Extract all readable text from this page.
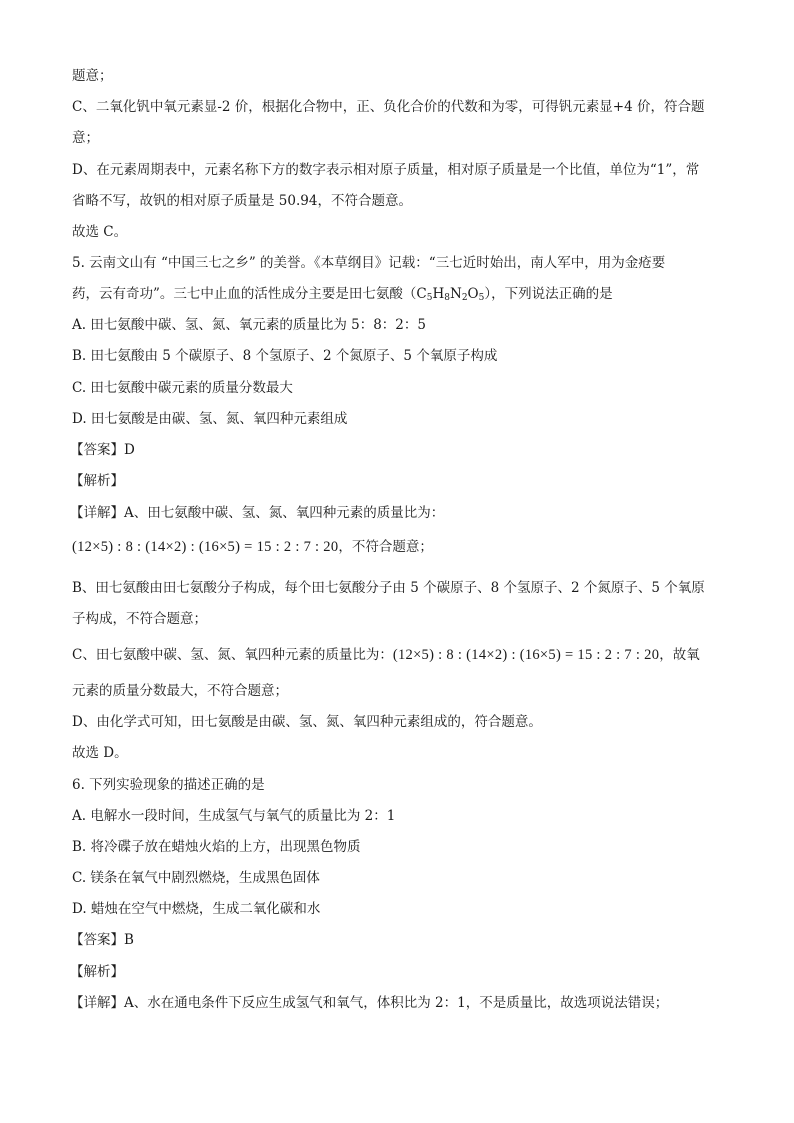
题意；
C、二氧化钒中氧元素显-2 价，根据化合物中，正、负化合价的代数和为零，可得钒元素显+4 价，符合题
意；
D、在元素周期表中，元素名称下方的数字表示相对原子质量，相对原子质量是一个比值，单位为“1”，常
省略不写，故钒的相对原子质量是 50.94，不符合题意。
故选 C。
5. 云南文山有 “中国三七之乡” 的美誉。《本草纲目》记载：“三七近时始出，南人军中，用为金疮要
药，云有奇功”。三七中止血的活性成分主要是田七氨酸$(C_5H_8N_2O_5)$，下列说法正确的是
A. 田七氨酸中碳、氢、氮、氧元素的质量比为 5：8：2：5
B. 田七氨酸由 5 个碳原子、8 个氢原子、2 个氮原子、5 个氧原子构成
C. 田七氨酸中碳元素的质量分数最大
D. 田七氨酸是由碳、氢、氮、氧四种元素组成
【答案】D
【解析】
【详解】A、田七氨酸中碳、氢、氮、氧四种元素的质量比为：
(12×5) : 8 : (14×2) : (16×5) = 15 : 2 : 7 : 20，不符合题意；
B、田七氨酸由田七氨酸分子构成，每个田七氨酸分子由 5 个碳原子、8 个氢原子、2 个氮原子、5 个氧原
子构成，不符合题意；
C、田七氨酸中碳、氢、氮、氧四种元素的质量比为：(12×5) : 8 : (14×2) : (16×5) = 15 : 2 : 7 : 20，故氧
元素的质量分数最大，不符合题意；
D、由化学式可知，田七氨酸是由碳、氢、氮、氧四种元素组成的，符合题意。
故选 D。
6. 下列实验现象的描述正确的是
A. 电解水一段时间，生成氢气与氧气的质量比为 2：1
B. 将冷碟子放在蜡烛火焰的上方，出现黑色物质
C. 镁条在氧气中剧烈燃烧，生成黑色固体
D. 蜡烛在空气中燃烧，生成二氧化碳和水
【答案】B
【解析】
【详解】A、水在通电条件下反应生成氢气和氧气，体积比为 2：1，不是质量比，故选项说法错误；
